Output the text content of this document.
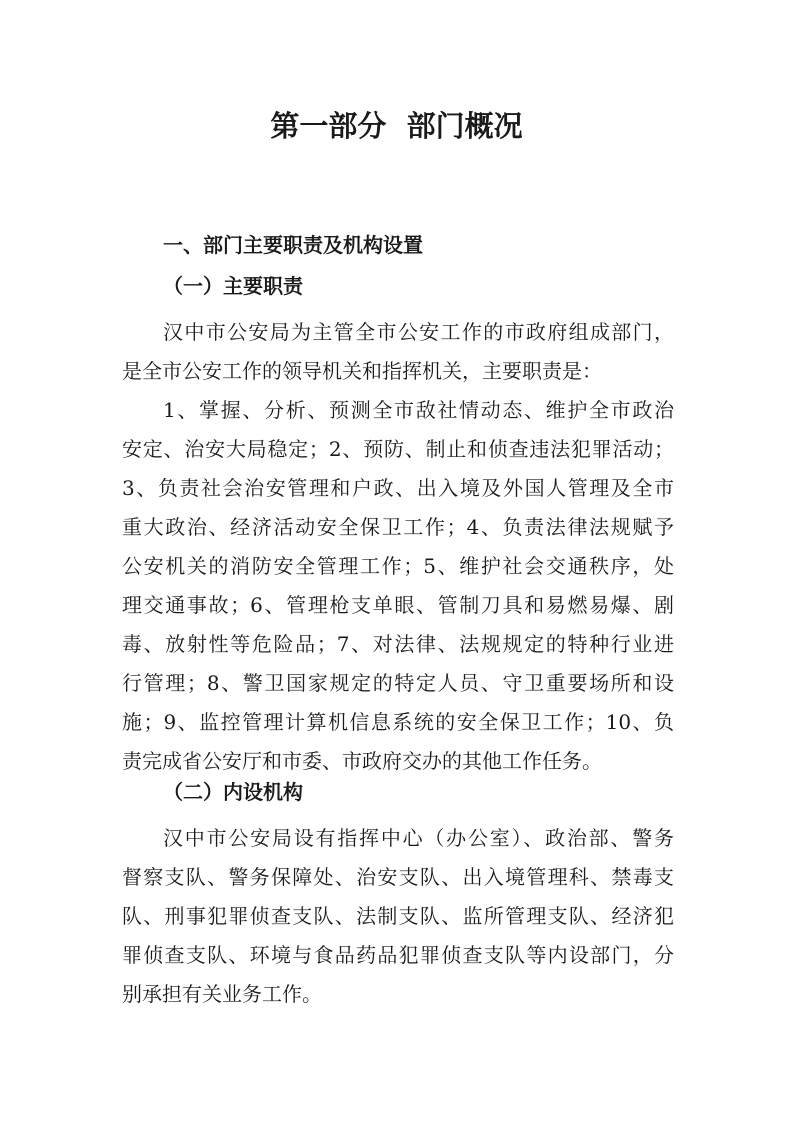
第一部分  部门概况
一、部门主要职责及机构设置
（一）主要职责
汉中市公安局为主管全市公安工作的市政府组成部门，
是全市公安工作的领导机关和指挥机关，主要职责是：
1、掌握、分析、预测全市敌社情动态、维护全市政治
安定、治安大局稳定；2、预防、制止和侦查违法犯罪活动；
3、负责社会治安管理和户政、出入境及外国人管理及全市
重大政治、经济活动安全保卫工作；4、负责法律法规赋予
公安机关的消防安全管理工作；5、维护社会交通秩序，处
理交通事故；6、管理枪支单眼、管制刀具和易燃易爆、剧
毒、放射性等危险品；7、对法律、法规规定的特种行业进
行管理；8、警卫国家规定的特定人员、守卫重要场所和设
施；9、监控管理计算机信息系统的安全保卫工作；10、负
责完成省公安厅和市委、市政府交办的其他工作任务。
（二）内设机构
汉中市公安局设有指挥中心（办公室）、政治部、警务
督察支队、警务保障处、治安支队、出入境管理科、禁毒支
队、刑事犯罪侦查支队、法制支队、监所管理支队、经济犯
罪侦查支队、环境与食品药品犯罪侦查支队等内设部门，分
别承担有关业务工作。
